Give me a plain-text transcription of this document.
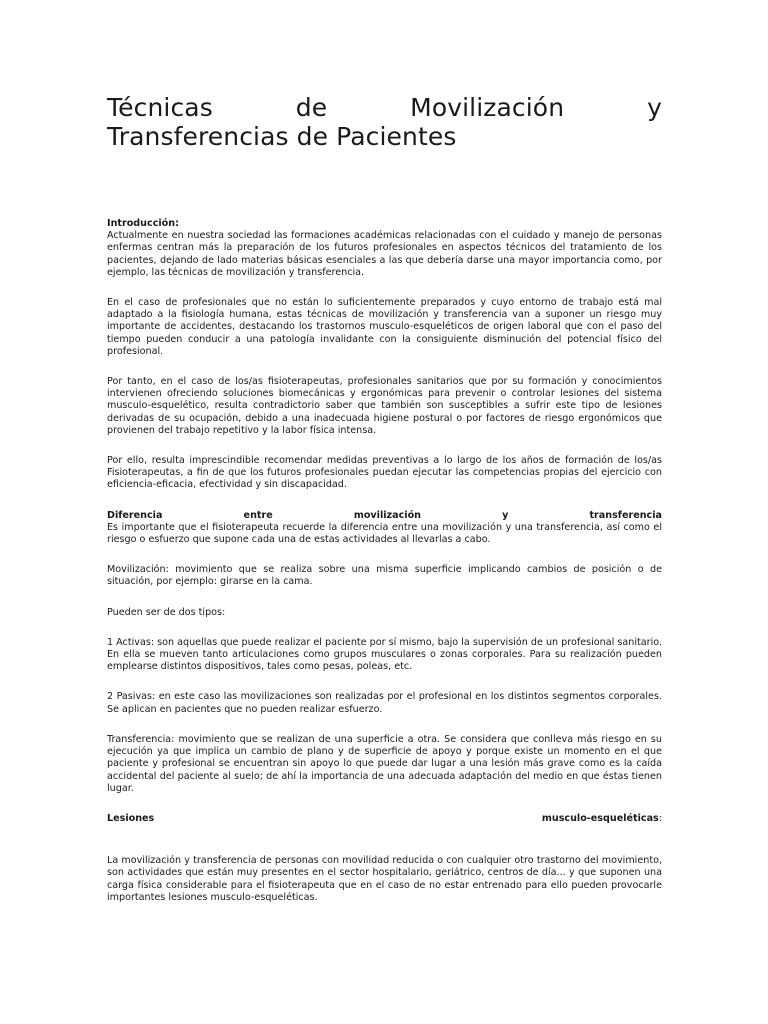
Técnicas de Movilización y
Transferencias de Pacientes

Introducción:
Actualmente en nuestra sociedad las formaciones académicas relacionadas con el cuidado y manejo de personas enfermas centran más la preparación de los futuros profesionales en aspectos técnicos del tratamiento de los pacientes, dejando de lado materias básicas esenciales a las que debería darse una mayor importancia como, por ejemplo, las técnicas de movilización y transferencia.

En el caso de profesionales que no están lo suficientemente preparados y cuyo entorno de trabajo está mal adaptado a la fisiología humana, estas técnicas de movilización y transferencia van a suponer un riesgo muy importante de accidentes, destacando los trastornos musculo-esqueléticos de origen laboral que con el paso del tiempo pueden conducir a una patología invalidante con la consiguiente disminución del potencial físico del profesional.

Por tanto, en el caso de los/as fisioterapeutas, profesionales sanitarios que por su formación y conocimientos intervienen ofreciendo soluciones biomecánicas y ergonómicas para prevenir o controlar lesiones del sistema musculo-esquelético, resulta contradictorio saber que también son susceptibles a sufrir este tipo de lesiones derivadas de su ocupación, debido a una inadecuada higiene postural o por factores de riesgo ergonómicos que provienen del trabajo repetitivo y la labor física intensa.

Por ello, resulta imprescindible recomendar medidas preventivas a lo largo de los años de formación de los/as Fisioterapeutas, a fin de que los futuros profesionales puedan ejecutar las competencias propias del ejercicio con eficiencia-eficacia, efectividad y sin discapacidad.

Diferencia entre movilización y transferencia
Es importante que el fisioterapeuta recuerde la diferencia entre una movilización y una transferencia, así como el riesgo o esfuerzo que supone cada una de estas actividades al llevarlas a cabo.

Movilización: movimiento que se realiza sobre una misma superficie implicando cambios de posición o de situación, por ejemplo: girarse en la cama.

Pueden ser de dos tipos:

1 Activas: son aquellas que puede realizar el paciente por sí mismo, bajo la supervisión de un profesional sanitario. En ella se mueven tanto articulaciones como grupos musculares o zonas corporales. Para su realización pueden emplearse distintos dispositivos, tales como pesas, poleas, etc.

2 Pasivas: en este caso las movilizaciones son realizadas por el profesional en los distintos segmentos corporales. Se aplican en pacientes que no pueden realizar esfuerzo.

Transferencia: movimiento que se realizan de una superficie a otra. Se considera que conlleva más riesgo en su ejecución ya que implica un cambio de plano y de superficie de apoyo y porque existe un momento en el que paciente y profesional se encuentran sin apoyo lo que puede dar lugar a una lesión más grave como es la caída accidental del paciente al suelo; de ahí la importancia de una adecuada adaptación del medio en que éstas tienen lugar.

Lesiones	musculo-esqueléticas:

La movilización y transferencia de personas con movilidad reducida o con cualquier otro trastorno del movimiento, son actividades que están muy presentes en el sector hospitalario, geriátrico, centros de día... y que suponen una carga física considerable para el fisioterapeuta que en el caso de no estar entrenado para ello pueden provocarle importantes lesiones musculo-esqueléticas.
